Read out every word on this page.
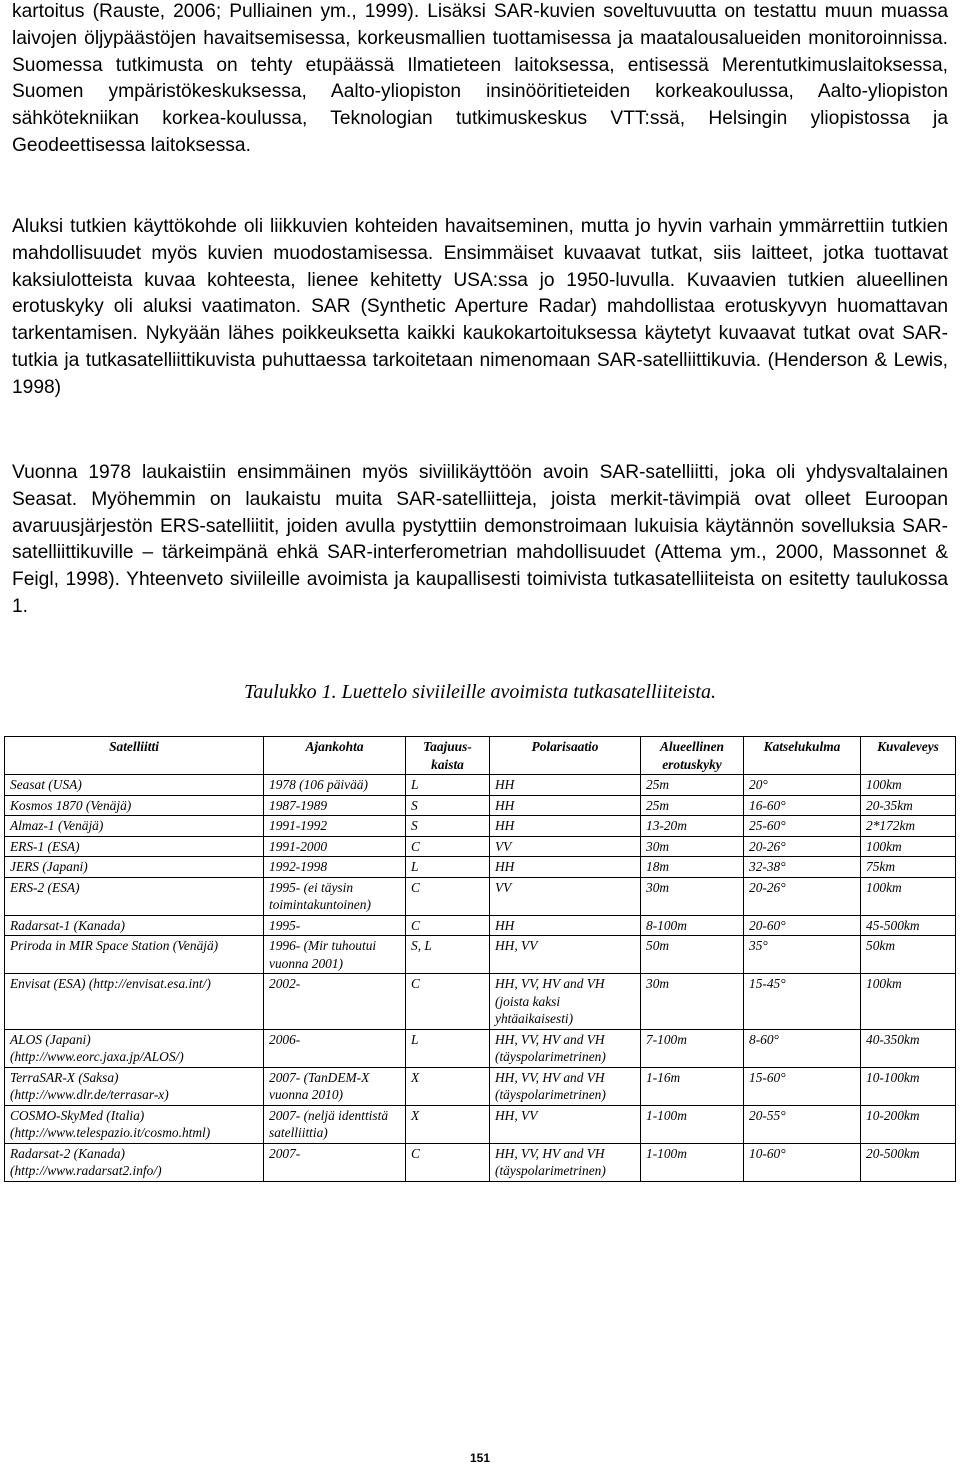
kartoitus (Rauste, 2006; Pulliainen ym., 1999). Lisäksi SAR-kuvien soveltuvuutta on testattu muun muassa laivojen öljypäästöjen havaitsemisessa, korkeusmallien tuottamisessa ja maatalousalueiden monitoroinnissa. Suomessa tutkimusta on tehty etupäässä Ilmatieteen laitoksessa, entisessä Merentutkimuslaitoksessa, Suomen ympäristökeskuksessa, Aalto-yliopiston insinööritieteiden korkeakoulussa, Aalto-yliopiston sähkötekniikan korkea-koulussa, Teknologian tutkimuskeskus VTT:ssä, Helsingin yliopistossa ja Geodeettisessa laitoksessa.

Aluksi tutkien käyttökohde oli liikkuvien kohteiden havaitseminen, mutta jo hyvin varhain ymmärrettiin tutkien mahdollisuudet myös kuvien muodostamisessa. Ensimmäiset kuvaavat tutkat, siis laitteet, jotka tuottavat kaksiulotteista kuvaa kohteesta, lienee kehitetty USA:ssa jo 1950-luvulla. Kuvaavien tutkien alueellinen erotuskyky oli aluksi vaatimaton. SAR (Synthetic Aperture Radar) mahdollistaa erotuskyvyn huomattavan tarkentamisen. Nykyään lähes poikkeuksetta kaikki kaukokartoituksessa käytetyt kuvaavat tutkat ovat SAR-tutkia ja tutkasatelliittikuvista puhuttaessa tarkoitetaan nimenomaan SAR-satelliittikuvia. (Henderson & Lewis, 1998)

Vuonna 1978 laukaistiin ensimmäinen myös siviilikäyttöön avoin SAR-satelliitti, joka oli yhdysvaltalainen Seasat. Myöhemmin on laukaistu muita SAR-satelliitteja, joista merkit-tävimpiä ovat olleet Euroopan avaruusjärjestön ERS-satelliitit, joiden avulla pystyttiin demonstroimaan lukuisia käytännön sovelluksia SAR-satelliittikuville – tärkeimpänä ehkä SAR-interferometrian mahdollisuudet (Attema ym., 2000, Massonnet & Feigl, 1998). Yhteenveto siviileille avoimista ja kaupallisesti toimivista tutkasatelliiteista on esitetty taulukossa 1.

Taulukko 1. Luettelo siviileille avoimista tutkasatelliiteista.
Satelliitti	Ajankohta	Taajuus-kaista	Polarisaatio	Alueellinen erotuskyky	Katselukulma	Kuvaleveys
Seasat (USA)	1978 (106 päivää)	L	HH	25m	20°	100km
Kosmos 1870 (Venäjä)	1987-1989	S	HH	25m	16-60°	20-35km
Almaz-1 (Venäjä)	1991-1992	S	HH	13-20m	25-60°	2*172km
ERS-1 (ESA)	1991-2000	C	VV	30m	20-26°	100km
JERS (Japani)	1992-1998	L	HH	18m	32-38°	75km
ERS-2 (ESA)	1995- (ei täysin toimintakuntoinen)	C	VV	30m	20-26°	100km
Radarsat-1 (Kanada)	1995-	C	HH	8-100m	20-60°	45-500km
Priroda in MIR Space Station (Venäjä)	1996- (Mir tuhoutui vuonna 2001)	S, L	HH, VV	50m	35°	50km
Envisat (ESA) (http://envisat.esa.int/)	2002-	C	HH, VV, HV and VH (joista kaksi yhtäaikaisesti)	30m	15-45°	100km
ALOS (Japani) (http://www.eorc.jaxa.jp/ALOS/)	2006-	L	HH, VV, HV and VH (täyspolarimetrinen)	7-100m	8-60°	40-350km
TerraSAR-X (Saksa) (http://www.dlr.de/terrasar-x)	2007- (TanDEM-X vuonna 2010)	X	HH, VV, HV and VH (täyspolarimetrinen)	1-16m	15-60°	10-100km
COSMO-SkyMed (Italia) (http://www.telespazio.it/cosmo.html)	2007- (neljä identtistä satelliittia)	X	HH, VV	1-100m	20-55°	10-200km
Radarsat-2 (Kanada) (http://www.radarsat2.info/)	2007-	C	HH, VV, HV and VH (täyspolarimetrinen)	1-100m	10-60°	20-500km
151
